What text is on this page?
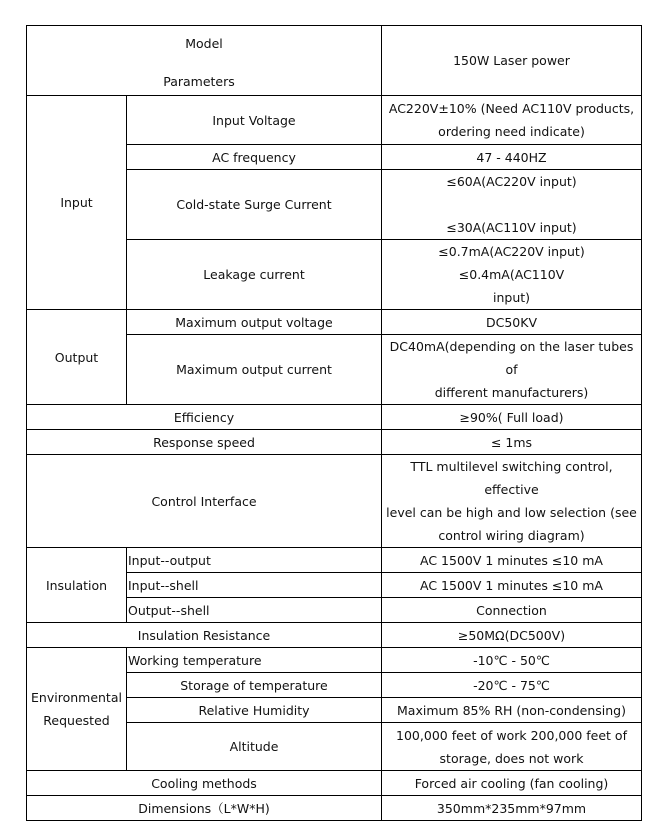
Model
Parameters		150W Laser power
Input	Input Voltage	AC220V±10% (Need AC110V products,
ordering need indicate)
	AC frequency	47 - 440HZ
	Cold-state Surge Current	≤60A(AC220V input)
≤30A(AC110V input)
	Leakage current	≤0.7mA(AC220V input) ≤0.4mA(AC110V
input)
Output	Maximum output voltage	DC50KV
	Maximum output current	DC40mA(depending on the laser tubes of
different manufacturers)
Efficiency		≥90%( Full load)
Response speed		≤ 1ms
Control Interface		TTL multilevel switching control, effective
level can be high and low selection (see
control wiring diagram)
Insulation	Input--output	AC 1500V 1 minutes ≤10 mA
	Input--shell	AC 1500V 1 minutes ≤10 mA
	Output--shell	Connection
Insulation Resistance		≥50MΩ(DC500V)
Environmental
Requested	Working temperature	-10℃ - 50℃
	Storage of temperature	-20℃ - 75℃
	Relative Humidity	Maximum 85% RH (non-condensing)
	Altitude	100,000 feet of work 200,000 feet of
storage, does not work
Cooling methods		Forced air cooling (fan cooling)
Dimensions（L*W*H)		350mm*235mm*97mm
